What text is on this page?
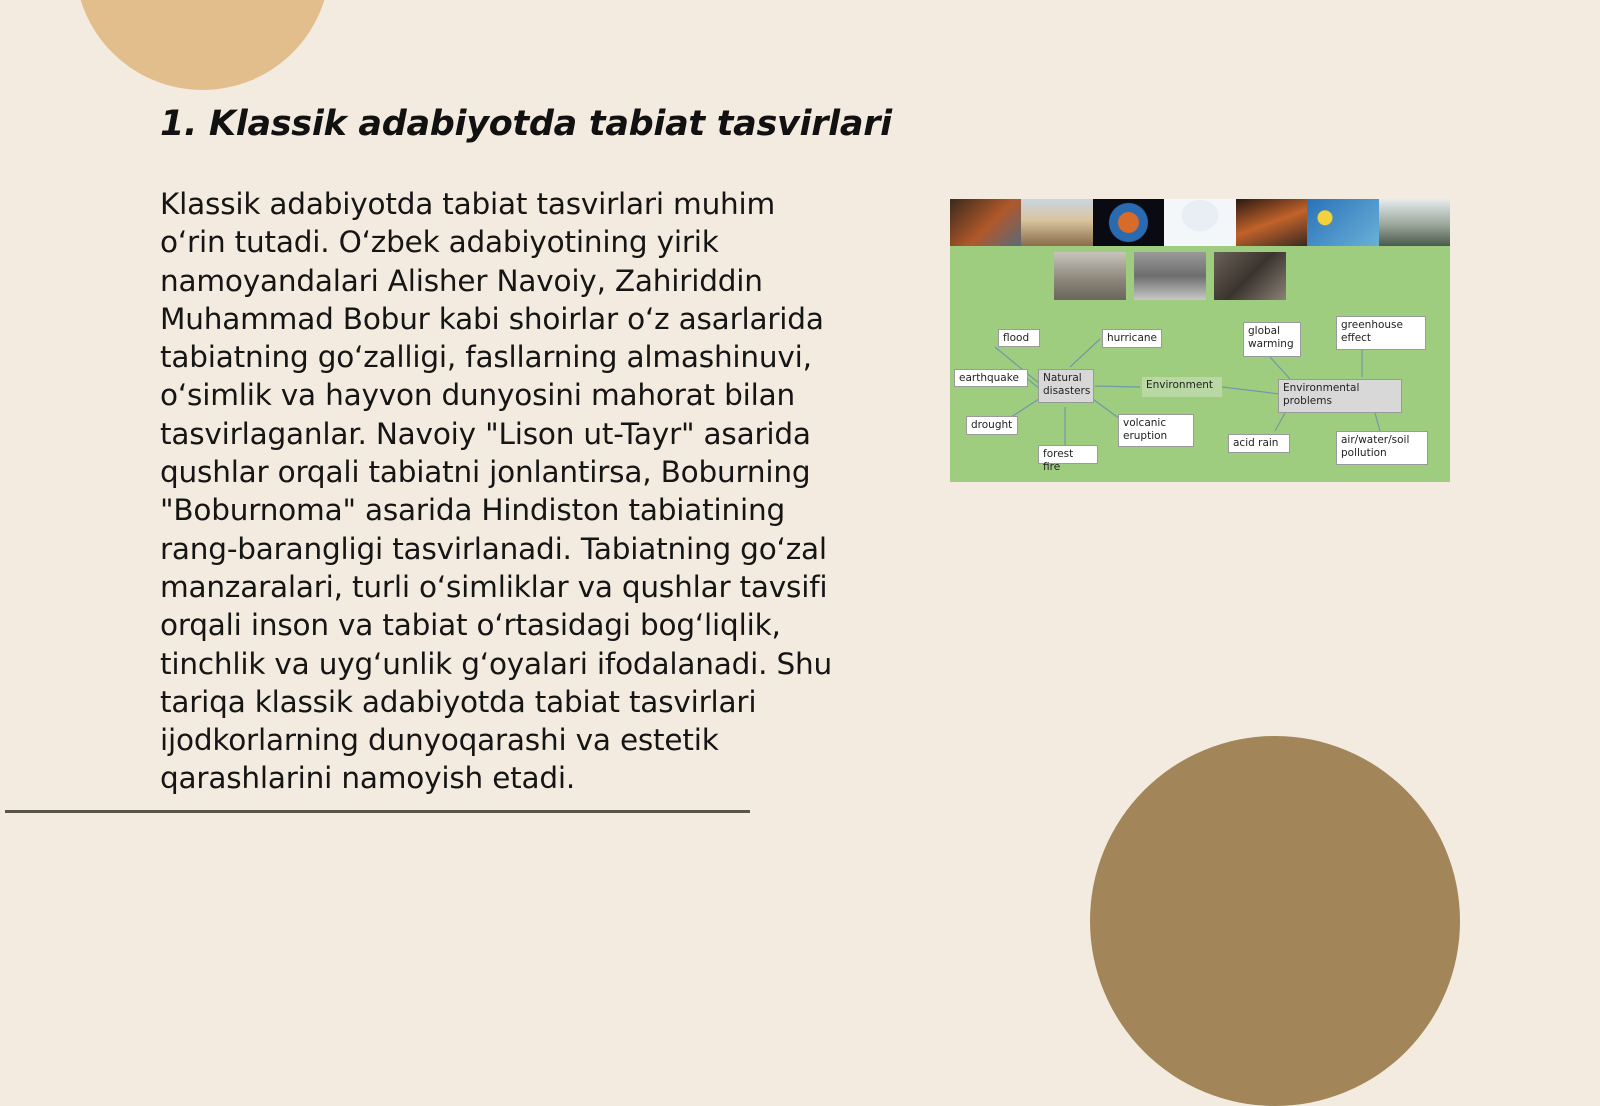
1. Klassik adabiyotda tabiat tasvirlari

Klassik adabiyotda tabiat tasvirlari muhim oʻrin tutadi. Oʻzbek adabiyotining yirik namoyandalari Alisher Navoiy, Zahiriddin Muhammad Bobur kabi shoirlar oʻz asarlarida tabiatning goʻzalligi, fasllarning almashinuvi, oʻsimlik va hayvon dunyosini mahorat bilan tasvirlaganlar. Navoiy "Lison ut-Tayr" asarida qushlar orqali tabiatni jonlantirsa, Boburning "Boburnoma" asarida Hindiston tabiatining rang-barangligi tasvirlanadi. Tabiatning goʻzal manzaralari, turli oʻsimliklar va qushlar tavsifi orqali inson va tabiat oʻrtasidagi bogʻliqlik, tinchlik va uygʻunlik gʻoyalari ifodalanadi. Shu tariqa klassik adabiyotda tabiat tasvirlari ijodkorlarning dunyoqarashi va estetik qarashlarini namoyish etadi.

flood	hurricane
earthquake	Natural disasters	Environment
drought
forest fire
volcanic eruption
global warming
greenhouse effect
Environmental problems
acid rain	air/water/soil pollution
